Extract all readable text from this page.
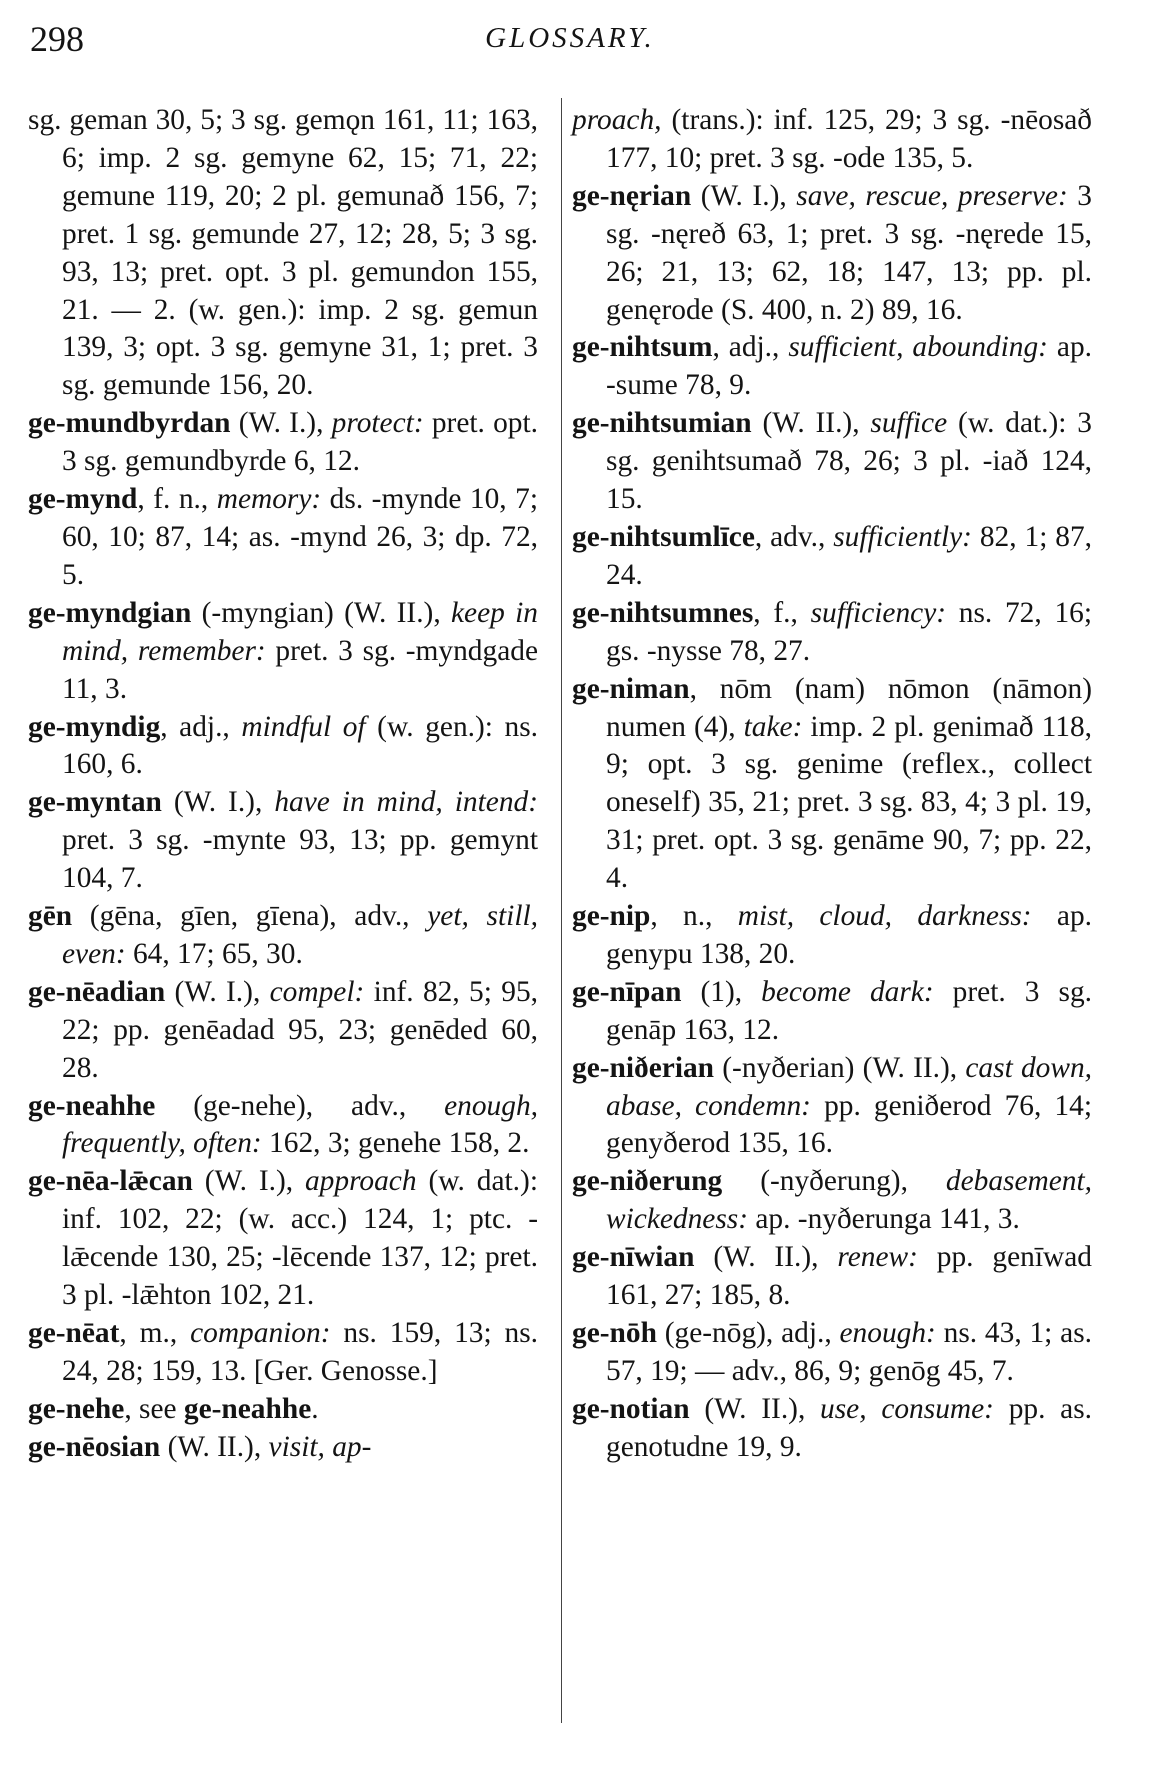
298	GLOSSARY.

sg. geman 30, 5; 3 sg. gemǫn 161, 11; 163, 6; imp. 2 sg. gemyne 62, 15; 71, 22; gemune 119, 20; 2 pl. gemunað 156, 7; pret. 1 sg. gemunde 27, 12; 28, 5; 3 sg. 93, 13; pret. opt. 3 pl. gemundon 155, 21. — 2. (w. gen.): imp. 2 sg. gemun 139, 3; opt. 3 sg. gemyne 31, 1; pret. 3 sg. gemunde 156, 20.

ge-mundbyrdan (W. I.), protect: pret. opt. 3 sg. gemundbyrde 6, 12.

ge-mynd, f. n., memory: ds. -mynde 10, 7; 60, 10; 87, 14; as. -mynd 26, 3; dp. 72, 5.

ge-myndgian (-myngian) (W. II.), keep in mind, remember: pret. 3 sg. -myndgade 11, 3.

ge-myndig, adj., mindful of (w. gen.): ns. 160, 6.

ge-myntan (W. I.), have in mind, intend: pret. 3 sg. -mynte 93, 13; pp. gemynt 104, 7.

gēn (gēna, gīen, gīena), adv., yet, still, even: 64, 17; 65, 30.

ge-nēadian (W. I.), compel: inf. 82, 5; 95, 22; pp. genēadad 95, 23; genēded 60, 28.

ge-neahhe (ge-nehe), adv., enough, frequently, often: 162, 3; genehe 158, 2.

ge-nēa-lǣcan (W. I.), approach (w. dat.): inf. 102, 22; (w. acc.) 124, 1; ptc. -lǣcende 130, 25; -lēcende 137, 12; pret. 3 pl. -lǣhton 102, 21.

ge-nēat, m., companion: ns. 159, 13; ns. 24, 28; 159, 13. [Ger. Genosse.]

ge-nehe, see ge-neahhe.

ge-nēosian (W. II.), visit, ap-

proach, (trans.): inf. 125, 29; 3 sg. -nēosað 177, 10; pret. 3 sg. -ode 135, 5.

ge-nęrian (W. I.), save, rescue, preserve: 3 sg. -nęreð 63, 1; pret. 3 sg. -nęrede 15, 26; 21, 13; 62, 18; 147, 13; pp. pl. genęrode (S. 400, n. 2) 89, 16.

ge-nihtsum, adj., sufficient, abounding: ap. -sume 78, 9.

ge-nihtsumian (W. II.), suffice (w. dat.): 3 sg. genihtsumað 78, 26; 3 pl. -iað 124, 15.

ge-nihtsumlīce, adv., sufficiently: 82, 1; 87, 24.

ge-nihtsumnes, f., sufficiency: ns. 72, 16; gs. -nysse 78, 27.

ge-niman, nōm (nam) nōmon (nāmon) numen (4), take: imp. 2 pl. genimað 118, 9; opt. 3 sg. genime (reflex., collect oneself) 35, 21; pret. 3 sg. 83, 4; 3 pl. 19, 31; pret. opt. 3 sg. genāme 90, 7; pp. 22, 4.

ge-nip, n., mist, cloud, darkness: ap. genypu 138, 20.

ge-nīpan (1), become dark: pret. 3 sg. genāp 163, 12.

ge-niðerian (-nyðerian) (W. II.), cast down, abase, condemn: pp. geniðerod 76, 14; genyðerod 135, 16.

ge-niðerung (-nyðerung), debasement, wickedness: ap. -nyðerunga 141, 3.

ge-nīwian (W. II.), renew: pp. genīwad 161, 27; 185, 8.

ge-nōh (ge-nōg), adj., enough: ns. 43, 1; as. 57, 19; — adv., 86, 9; genōg 45, 7.

ge-notian (W. II.), use, consume: pp. as. genotudne 19, 9.
